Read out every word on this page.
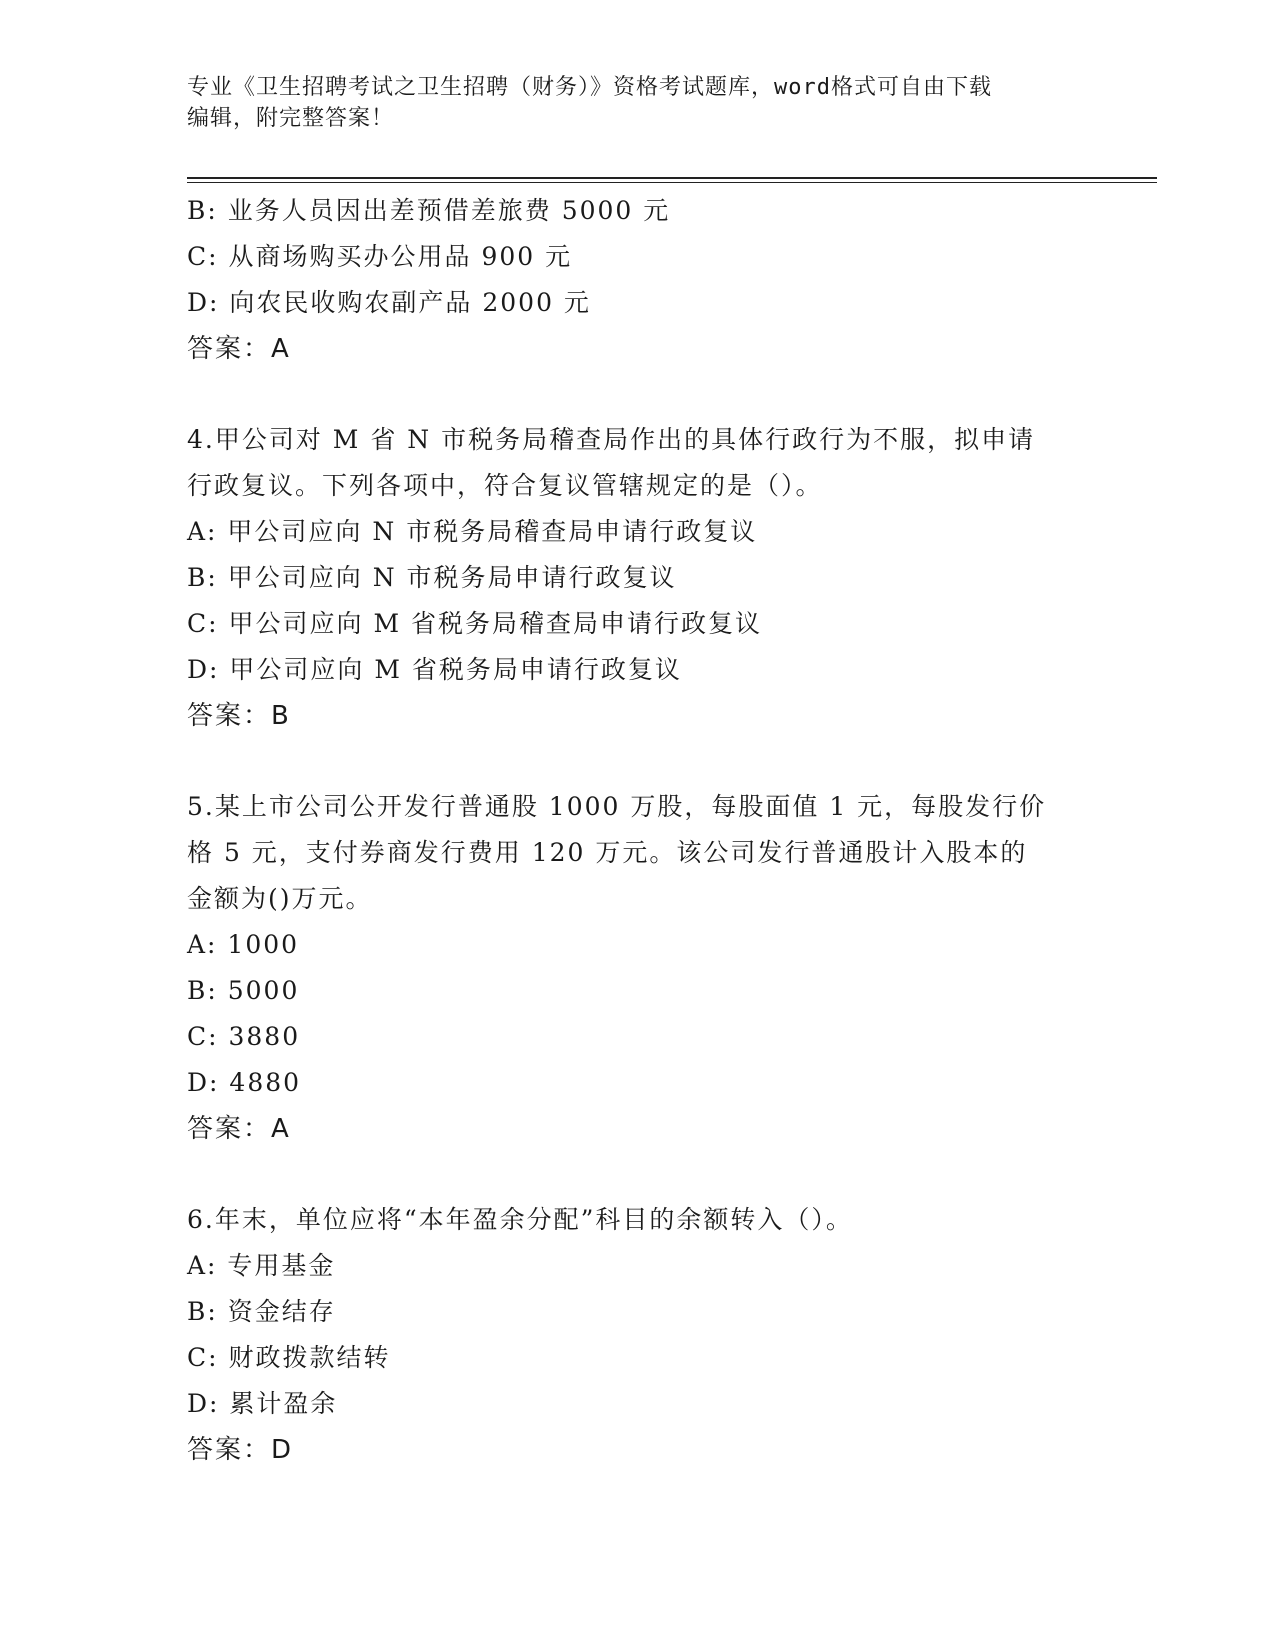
专业《卫生招聘考试之卫生招聘（财务）》资格考试题库，word格式可自由下载
编辑，附完整答案！
B: 业务人员因出差预借差旅费 5000 元
C: 从商场购买办公用品 900 元
D: 向农民收购农副产品 2000 元
答案：A
4.甲公司对 M 省 N 市税务局稽查局作出的具体行政行为不服，拟申请
行政复议。下列各项中，符合复议管辖规定的是（）。
A: 甲公司应向 N 市税务局稽查局申请行政复议
B: 甲公司应向 N 市税务局申请行政复议
C: 甲公司应向 M 省税务局稽查局申请行政复议
D: 甲公司应向 M 省税务局申请行政复议
答案：B
5.某上市公司公开发行普通股 1000 万股，每股面值 1 元，每股发行价
格 5 元，支付券商发行费用 120 万元。该公司发行普通股计入股本的
金额为()万元。
A: 1000
B: 5000
C: 3880
D: 4880
答案：A
6.年末，单位应将“本年盈余分配”科目的余额转入（）。
A: 专用基金
B: 资金结存
C: 财政拨款结转
D: 累计盈余
答案：D
